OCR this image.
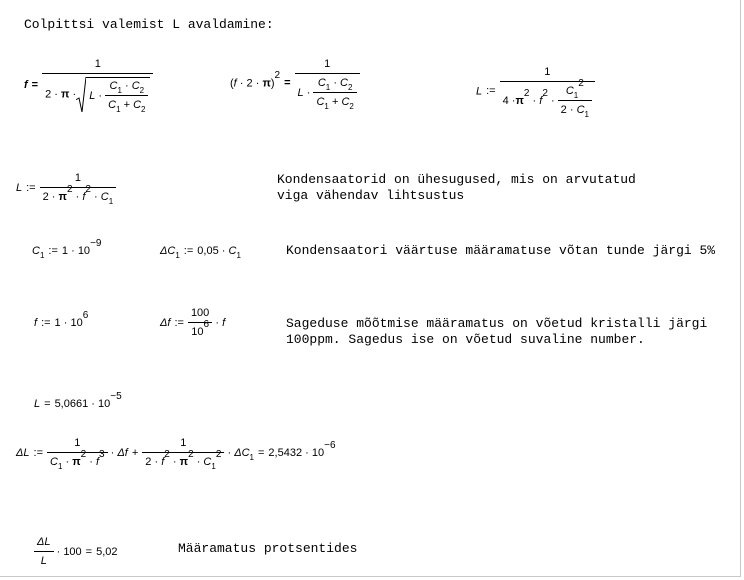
Colpittsi valemist L avaldamine:
$f = \frac{1}{2 \cdot \pi \cdot L \cdot \frac{C_1 \cdot C_2}{C_1 + C_2}}$	$(f \cdot 2 \cdot \pi)2= \frac{1}{L \cdot \frac{C_1 \cdot C_2}{C_1 + C_2}}$	L := $\frac{1}{4 \cdot\pi 2 \cdot f2 \cdot \frac{C_12}{2 \cdot C_1}}$
L := $\frac{1}{2 \cdot \pi 2 \cdot f2 \cdot C_1}$	Kondensaatorid on ühesugused, mis on arvutatud
viga vähendav lihtsustus
$C_1$ := 1 · 10−9
$\Delta C_1$ := $0,05 \cdot C_1$	Kondensaatori väärtuse määramatuse võtan tunde järgi 5%
f := 1 · 106
Δf := $\frac{100}{106} \cdot f$	Sageduse mõõtmise määramatus on võetud kristalli järgi
100ppm. Sagedus ise on võetud suvaline number.
L = 5,0661 · 10−5
ΔL := $\frac{1}{C_1 \cdot \pi 2 \cdot f3} \cdot \Delta f + \frac{1}{2 \cdot f2 \cdot \pi 2 \cdot C_12} \cdot \Delta C_1 = 2,5432 \cdot 10-6$
$\frac{\Delta L}{L} \cdot 100 = 5,02$	Määramatus protsentides
